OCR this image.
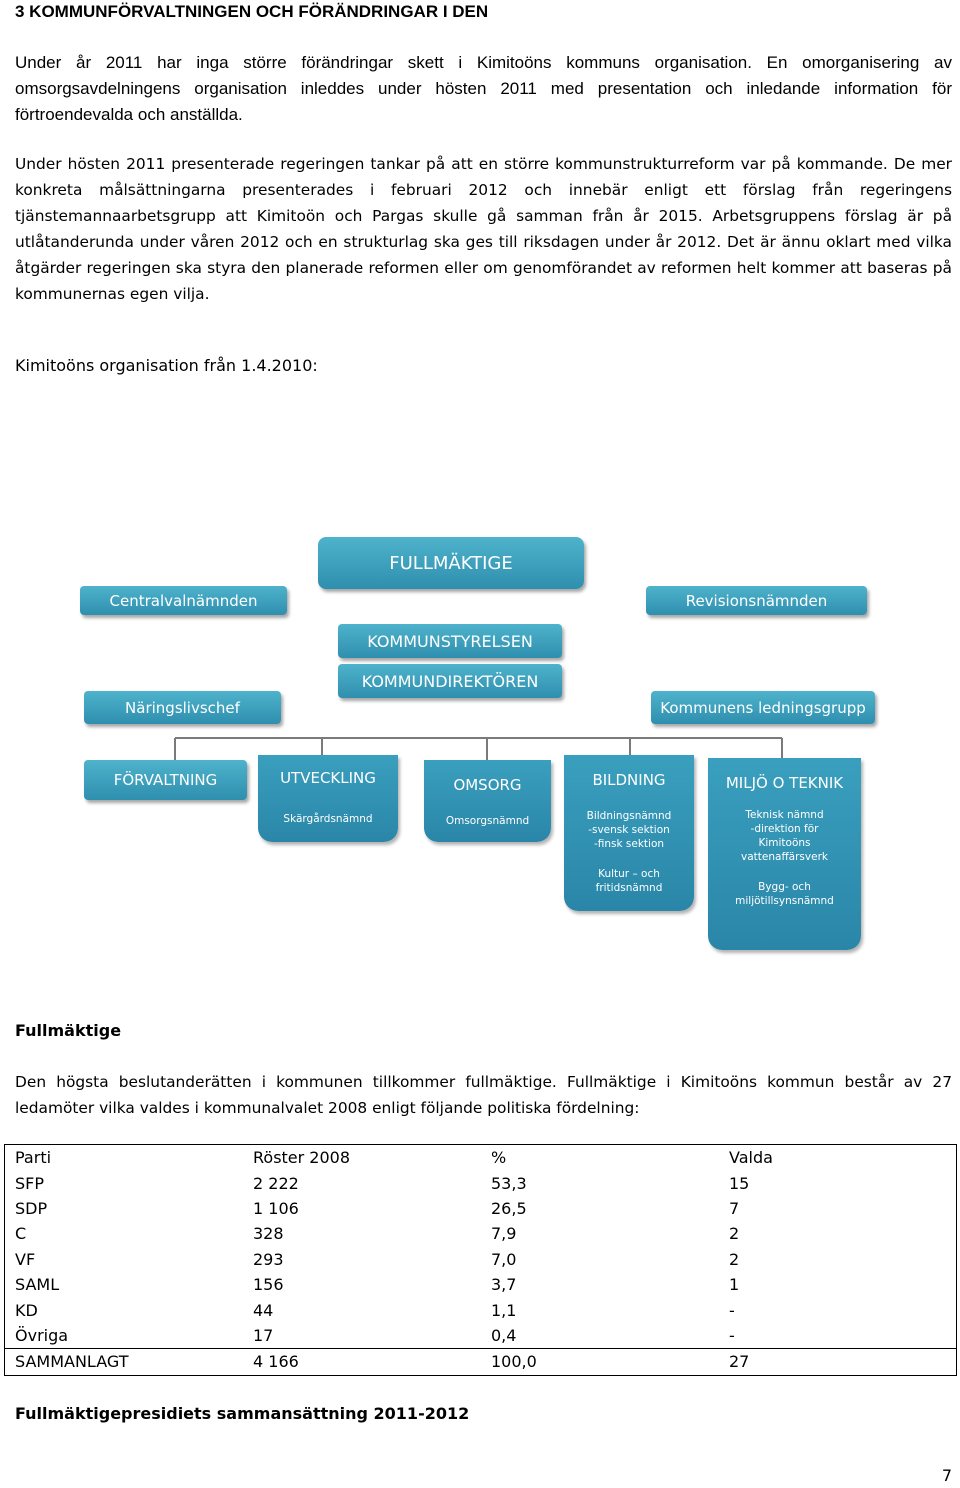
3 KOMMUNFÖRVALTNINGEN OCH FÖRÄNDRINGAR I DEN

Under år 2011 har inga större förändringar skett i Kimitoöns kommuns organisation. En omorganisering av omsorgsavdelningens organisation inleddes under hösten 2011 med presentation och inledande information för förtroendevalda och anställda.

Under hösten 2011 presenterade regeringen tankar på att en större kommunstrukturreform var på kommande. De mer konkreta målsättningarna presenterades i februari 2012 och innebär enligt ett förslag från regeringens tjänstemannaarbetsgrupp att Kimitoön och Pargas skulle gå samman från år 2015. Arbetsgruppens förslag är på utlåtanderunda under våren 2012 och en strukturlag ska ges till riksdagen under år 2012. Det är ännu oklart med vilka åtgärder regeringen ska styra den planerade reformen eller om genomförandet av reformen helt kommer att baseras på kommunernas egen vilja.

Kimitoöns organisation från 1.4.2010:
FULLMÄKTIGE
Centralvalnämnden	Revisionsnämnden
KOMMUNSTYRELSEN
KOMMUNDIREKTÖREN
Näringslivschef	Kommunens ledningsgrupp
FÖRVALTNING	UTVECKLING
Skärgårdsnämnd
OMSORG
Omsorgsnämnd
BILDNING
Bildningsnämnd
-svensk sektion
-finsk sektion
Kultur – och
fritidsnämnd
MILJÖ O TEKNIK
Teknisk nämnd
-direktion för
Kimitoöns
vattenaffärsverk
Bygg- och
miljötillsynsnämnd
Fullmäktige

Den högsta beslutanderätten i kommunen tillkommer fullmäktige. Fullmäktige i Kimitoöns kommun består av 27 ledamöter vilka valdes i kommunalvalet 2008 enligt följande politiska fördelning:

Parti	Röster 2008	%	Valda
SFP	2 222	53,3	15
SDP	1 106	26,5	7
C	328	7,9	2
VF	293	7,0	2
SAML	156	3,7	1
KD	44	1,1	-
Övriga	17	0,4	-
SAMMANLAGT	4 166	100,0	27
Fullmäktigepresidiets sammansättning 2011-2012
7
